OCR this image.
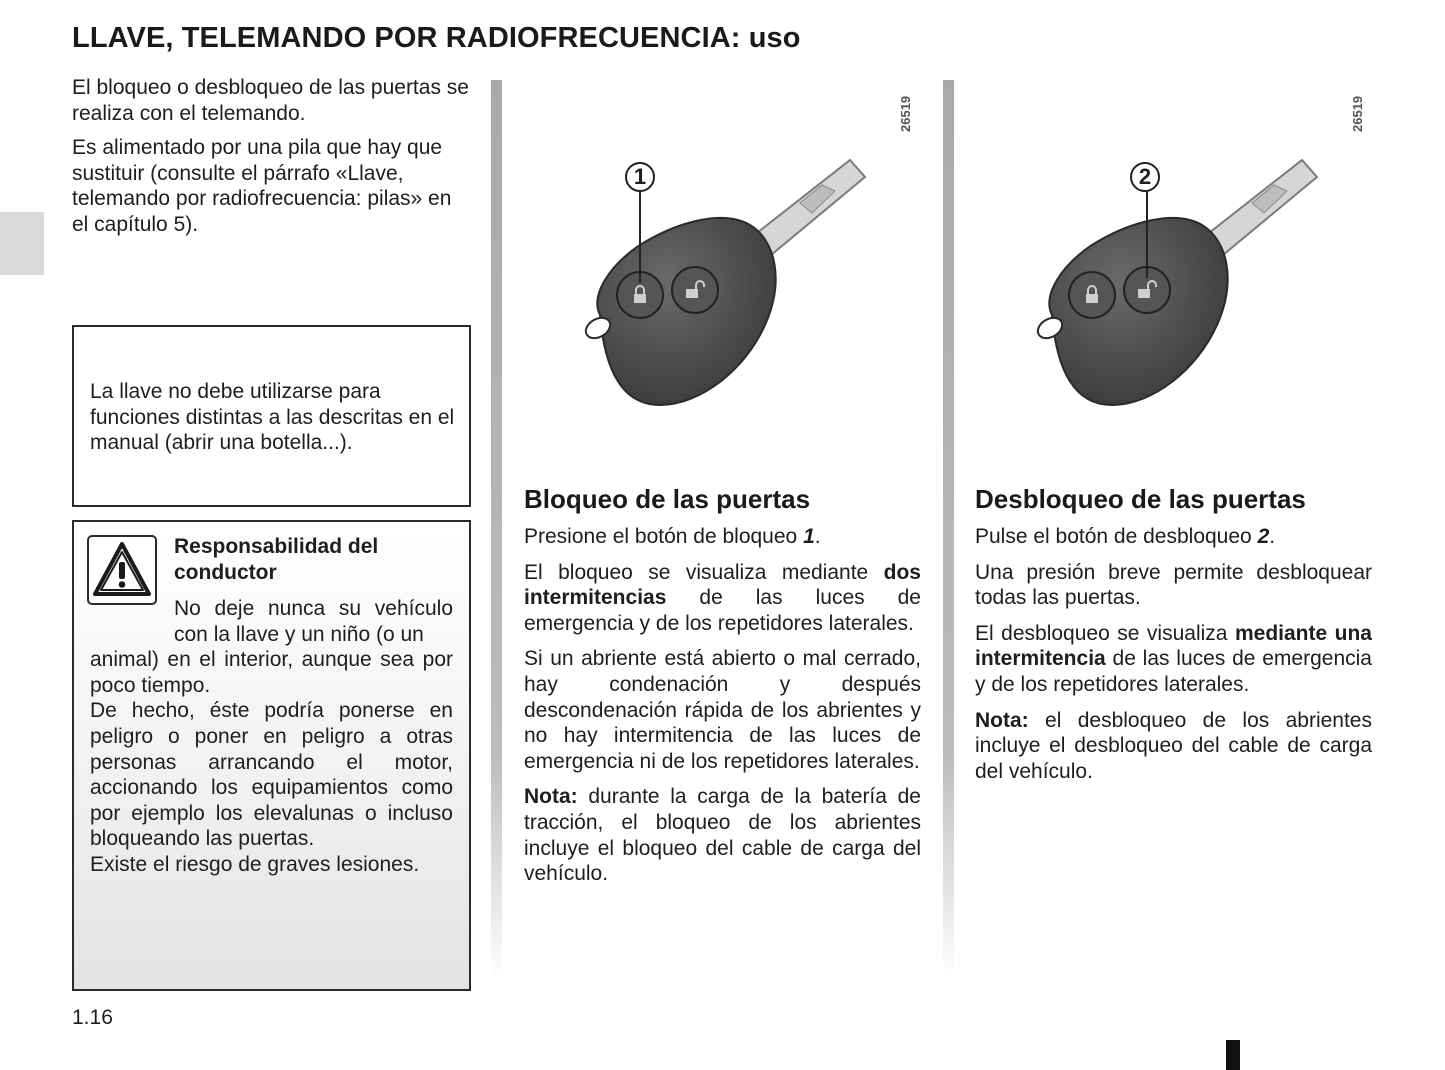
LLAVE, TELEMANDO POR RADIOFRECUENCIA: uso

El bloqueo o desbloqueo de las puertas se realiza con el telemando.

Es alimentado por una pila que hay que sustituir (consulte el párrafo «Llave, telemando por radiofrecuencia: pilas» en el capítulo 5).

La llave no debe utilizarse para funciones distintas a las descritas en el manual (abrir una botella...).
Responsabilidad del conductor
No deje nunca su vehículo con la llave y un niño (o un
animal) en el interior, aunque sea por poco tiempo.
De hecho, éste podría ponerse en peligro o poner en peligro a otras personas arrancando el motor, accionando los equipamientos como por ejemplo los elevalunas o incluso bloqueando las puertas.
Existe el riesgo de graves lesiones.
1.16
1
26519
2
26519
Bloqueo de las puertas

Presione el botón de bloqueo 1.

El bloqueo se visualiza mediante dos intermitencias de las luces de emergencia y de los repetidores laterales.

Si un abriente está abierto o mal cerrado, hay condenación y después descondenación rápida de los abrientes y no hay intermitencia de las luces de emergencia ni de los repetidores laterales.

Nota: durante la carga de la batería de tracción, el bloqueo de los abrientes incluye el bloqueo del cable de carga del vehículo.

Desbloqueo de las puertas

Pulse el botón de desbloqueo 2.

Una presión breve permite desbloquear todas las puertas.

El desbloqueo se visualiza mediante una intermitencia de las luces de emergencia y de los repetidores laterales.

Nota: el desbloqueo de los abrientes incluye el desbloqueo del cable de carga del vehículo.
